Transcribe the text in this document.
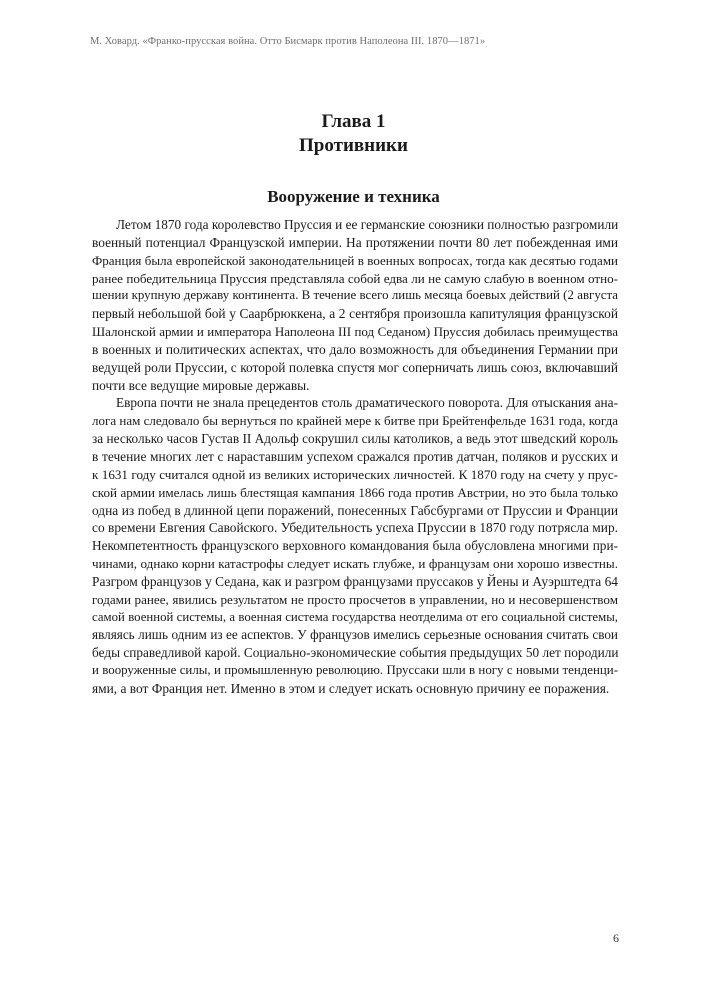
М. Ховард. «Франко-прусская война. Отто Бисмарк против Наполеона III. 1870—1871»
Глава 1
Противники
Вооружение и техника
Летом 1870 года королевство Пруссия и ее германские союзники полностью разгромили
военный потенциал Французской империи. На протяжении почти 80 лет побежденная ими
Франция была европейской законодательницей в военных вопросах, тогда как десятью годами
ранее победительница Пруссия представляла собой едва ли не самую слабую в военном отно-
шении крупную державу континента. В течение всего лишь месяца боевых действий (2 августа
первый небольшой бой у Саарбрюккена, а 2 сентября произошла капитуляция французской
Шалонской армии и императора Наполеона III под Седаном) Пруссия добилась преимущества
в военных и политических аспектах, что дало возможность для объединения Германии при
ведущей роли Пруссии, с которой полевка спустя мог соперничать лишь союз, включавший
почти все ведущие мировые державы.
Европа почти не знала прецедентов столь драматического поворота. Для отыскания ана-
лога нам следовало бы вернуться по крайней мере к битве при Брейтенфельде 1631 года, когда
за несколько часов Густав II Адольф сокрушил силы католиков, а ведь этот шведский король
в течение многих лет с нараставшим успехом сражался против датчан, поляков и русских и
к 1631 году считался одной из великих исторических личностей. К 1870 году на счету у прус-
ской армии имелась лишь блестящая кампания 1866 года против Австрии, но это была только
одна из побед в длинной цепи поражений, понесенных Габсбургами от Пруссии и Франции
со времени Евгения Савойского. Убедительность успеха Пруссии в 1870 году потрясла мир.
Некомпетентность французского верховного командования была обусловлена многими при-
чинами, однако корни катастрофы следует искать глубже, и французам они хорошо известны.
Разгром французов у Седана, как и разгром французами пруссаков у Йены и Ауэрштедта 64
годами ранее, явились результатом не просто просчетов в управлении, но и несовершенством
самой военной системы, а военная система государства неотделима от его социальной системы,
являясь лишь одним из ее аспектов. У французов имелись серьезные основания считать свои
беды справедливой карой. Социально-экономические события предыдущих 50 лет породили
и вооруженные силы, и промышленную революцию. Пруссаки шли в ногу с новыми тенденци-
ями, а вот Франция нет. Именно в этом и следует искать основную причину ее поражения.
6
